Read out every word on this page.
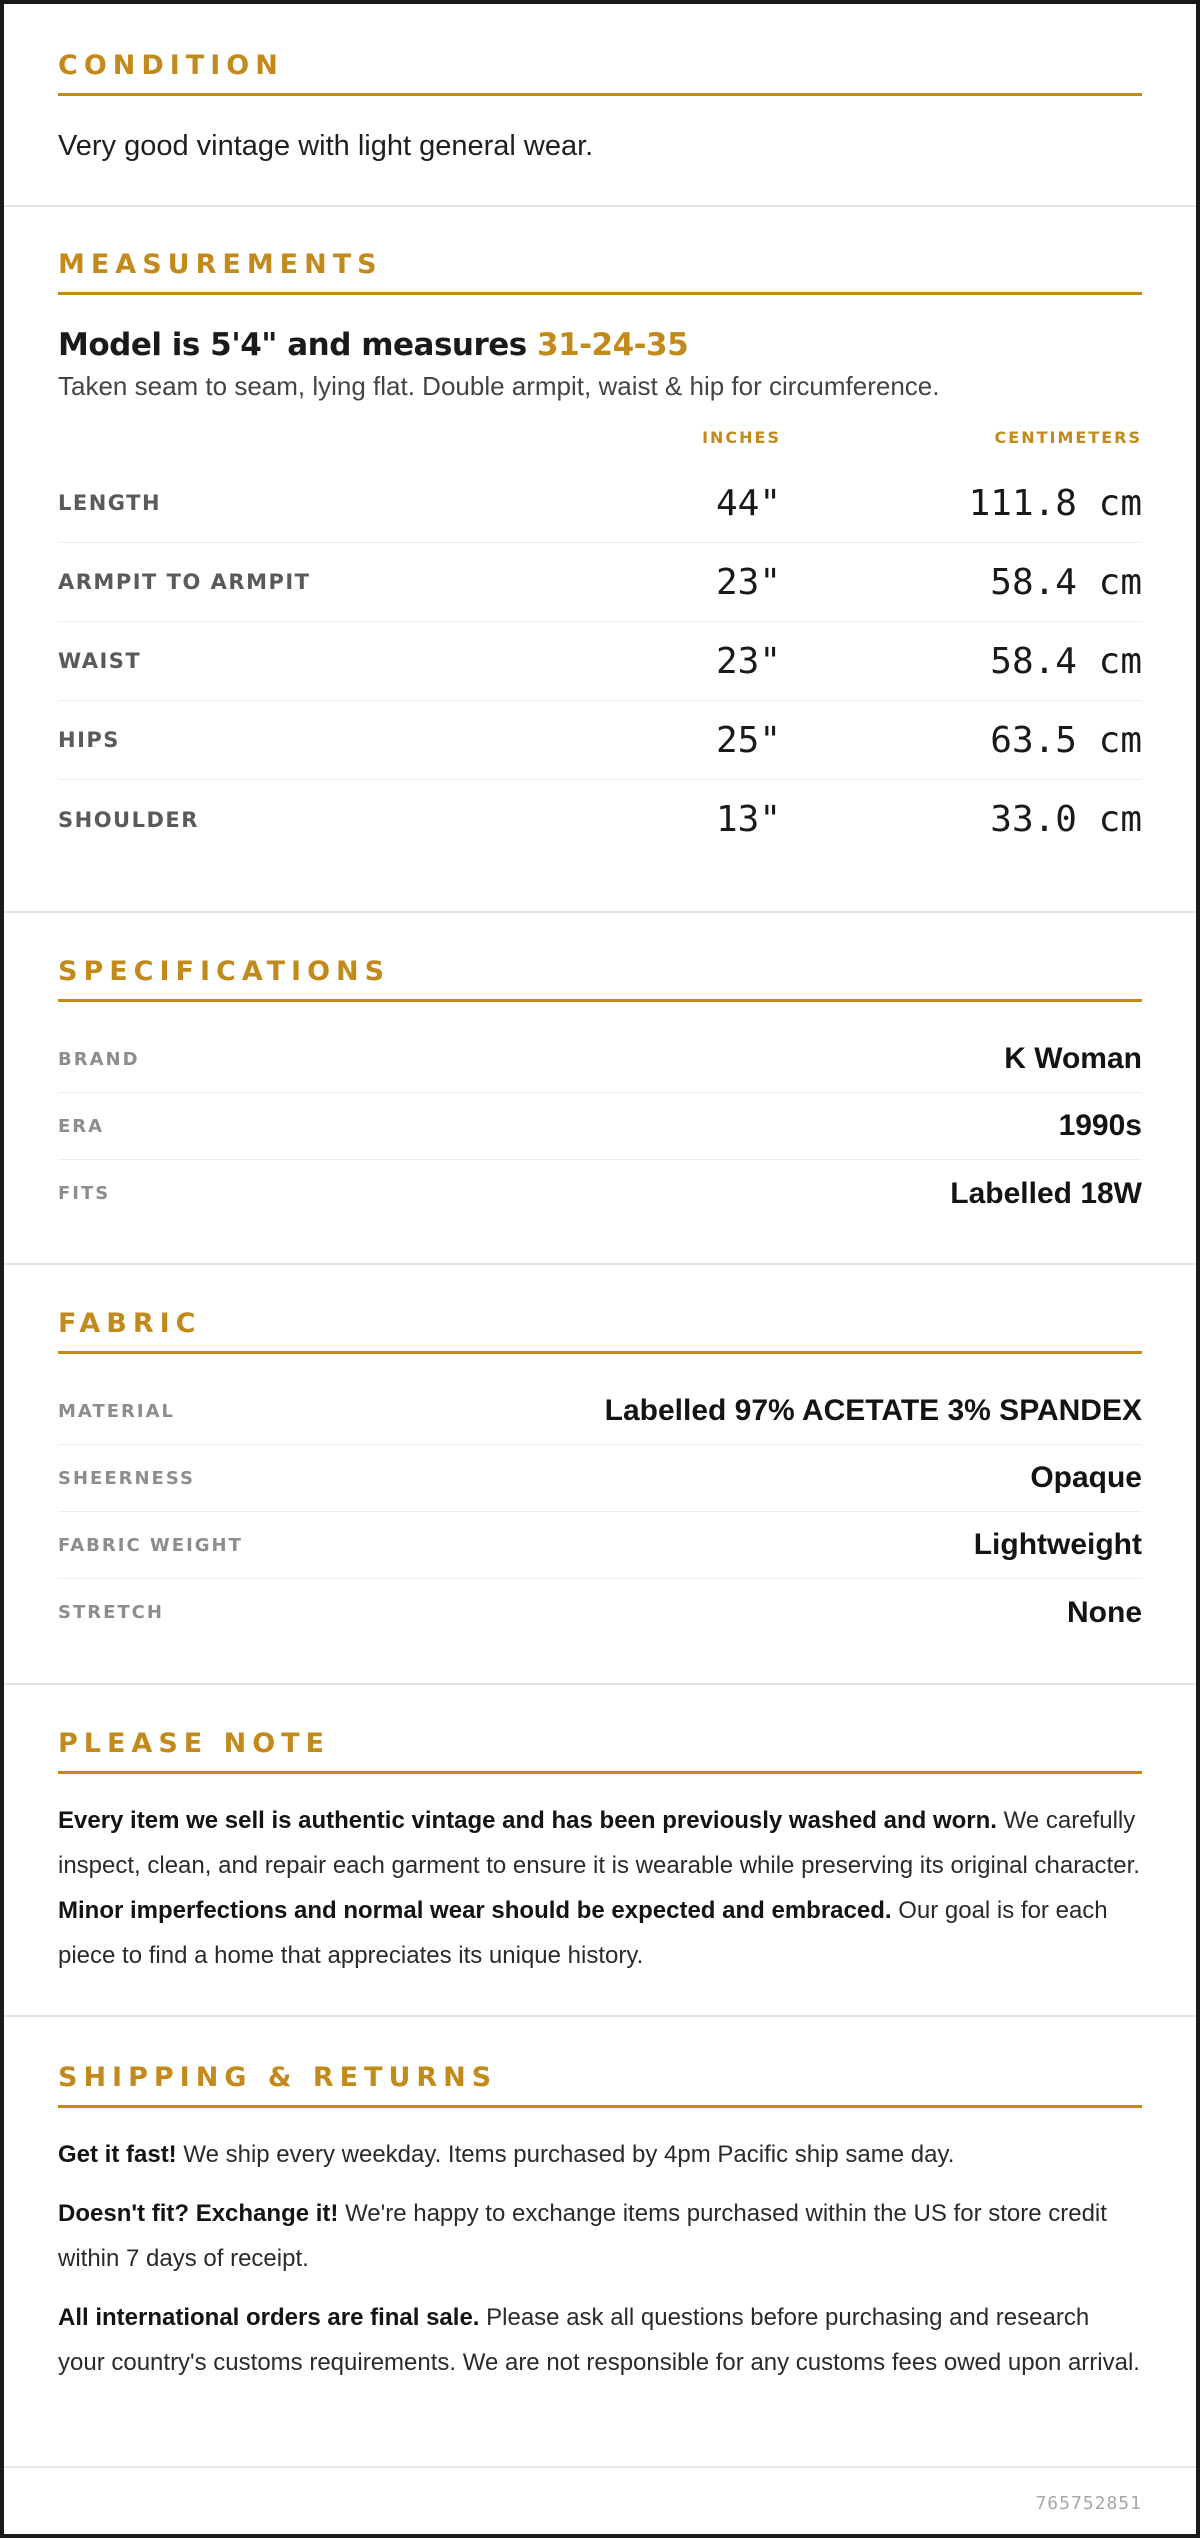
CONDITION

Very good vintage with light general wear.

MEASUREMENTS
Model is 5'4" and measures 31-24-35

Taken seam to seam, lying flat. Double armpit, waist & hip for circumference.

INCHES	CENTIMETERS
LENGTH	44"	111.8 cm
ARMPIT TO ARMPIT	23"	58.4 cm
WAIST	23"	58.4 cm
HIPS	25"	63.5 cm
SHOULDER	13"	33.0 cm
SPECIFICATIONS
BRAND	K Woman
ERA	1990s
FITS	Labelled 18W
FABRIC
MATERIAL	Labelled 97% ACETATE 3% SPANDEX
SHEERNESS	Opaque
FABRIC WEIGHT	Lightweight
STRETCH	None
PLEASE NOTE

Every item we sell is authentic vintage and has been previously washed and worn. We carefully inspect, clean, and repair each garment to ensure it is wearable while preserving its original character. Minor imperfections and normal wear should be expected and embraced. Our goal is for each piece to find a home that appreciates its unique history.

SHIPPING & RETURNS

Get it fast! We ship every weekday. Items purchased by 4pm Pacific ship same day.

Doesn't fit? Exchange it! We're happy to exchange items purchased within the US for store credit within 7 days of receipt.

All international orders are final sale. Please ask all questions before purchasing and research your country's customs requirements. We are not responsible for any customs fees owed upon arrival.

765752851
